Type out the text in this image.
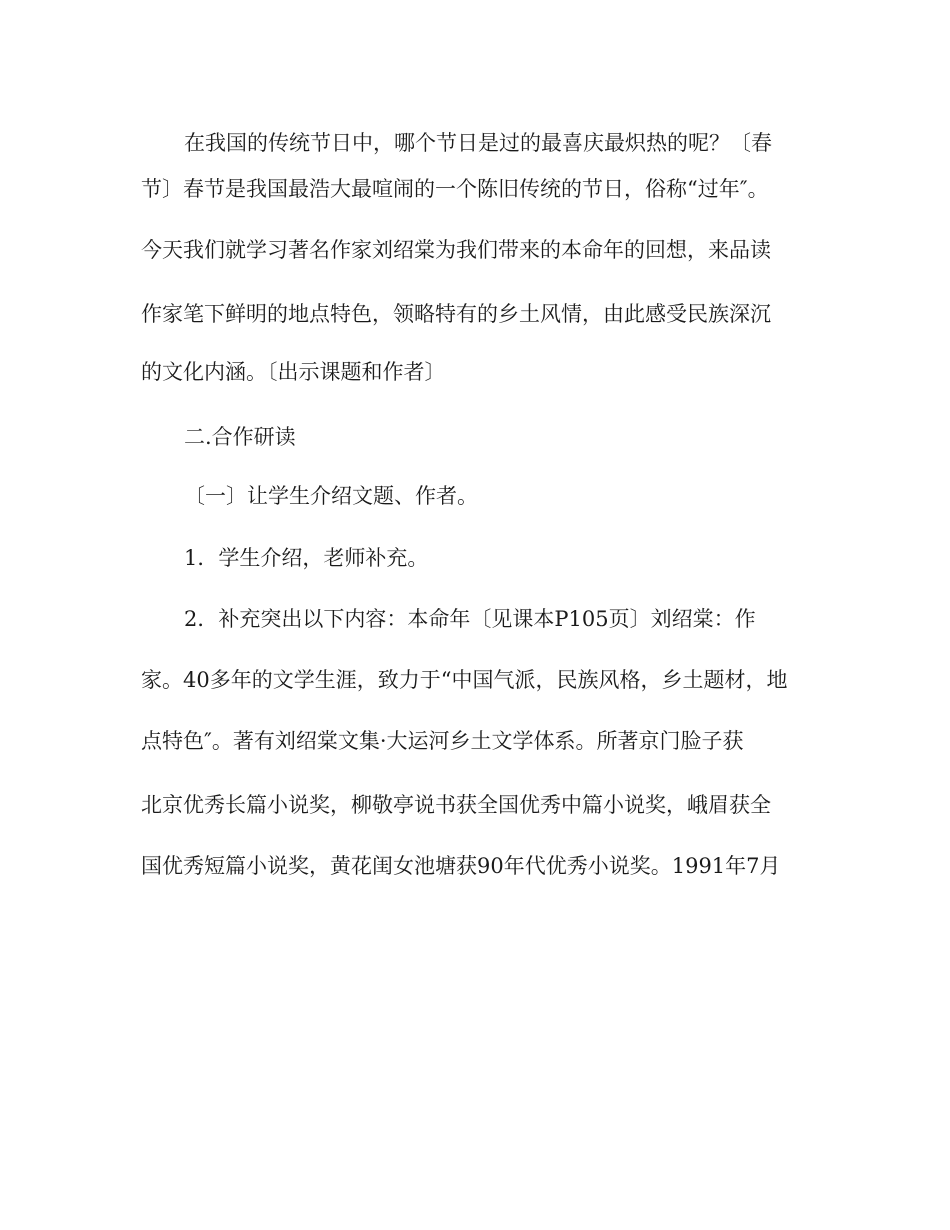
在我国的传统节日中，哪个节日是过的最喜庆最炽热的呢？〔春
节〕春节是我国最浩大最喧闹的一个陈旧传统的节日，俗称“过年″。
今天我们就学习著名作家刘绍棠为我们带来的本命年的回想，来品读
作家笔下鲜明的地点特色，领略特有的乡土风情，由此感受民族深沉
的文化内涵。〔出示课题和作者〕
二.合作研读
〔一〕让学生介绍文题、作者。
1．学生介绍，老师补充。
2．补充突出以下内容：本命年〔见课本P105页〕刘绍棠：作
家。40多年的文学生涯，致力于“中国气派，民族风格，乡土题材，地
点特色″。著有刘绍棠文集·大运河乡土文学体系。所著京门脸子获
北京优秀长篇小说奖，柳敬亭说书获全国优秀中篇小说奖，峨眉获全
国优秀短篇小说奖，黄花闺女池塘获90年代优秀小说奖。1991年7月
